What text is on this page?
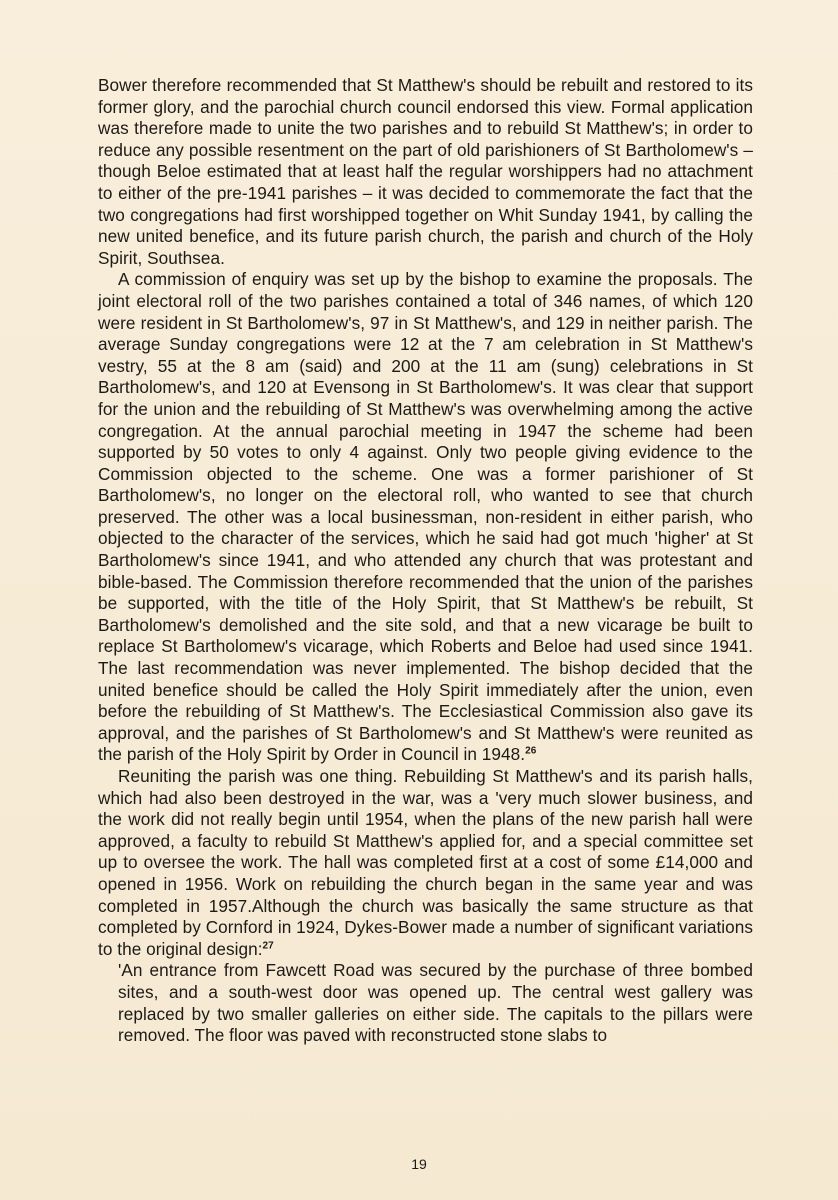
Bower therefore recommended that St Matthew's should be rebuilt and restored to its former glory, and the parochial church council endorsed this view. Formal application was therefore made to unite the two parishes and to rebuild St Matthew's; in order to reduce any possible resentment on the part of old parishioners of St Bartholomew's – though Beloe estimated that at least half the regular worshippers had no attachment to either of the pre-1941 parishes – it was decided to commemorate the fact that the two congregations had first worshipped together on Whit Sunday 1941, by calling the new united benefice, and its future parish church, the parish and church of the Holy Spirit, Southsea.

A commission of enquiry was set up by the bishop to examine the proposals. The joint electoral roll of the two parishes contained a total of 346 names, of which 120 were resident in St Bartholomew's, 97 in St Matthew's, and 129 in neither parish. The average Sunday congregations were 12 at the 7 am celebration in St Matthew's vestry, 55 at the 8 am (said) and 200 at the 11 am (sung) celebrations in St Bartholomew's, and 120 at Evensong in St Bartholomew's. It was clear that support for the union and the rebuilding of St Matthew's was overwhelming among the active congregation. At the annual parochial meeting in 1947 the scheme had been supported by 50 votes to only 4 against. Only two people giving evidence to the Commission objected to the scheme. One was a former parishioner of St Bartholomew's, no longer on the electoral roll, who wanted to see that church preserved. The other was a local businessman, non-resident in either parish, who objected to the character of the services, which he said had got much 'higher' at St Bartholomew's since 1941, and who attended any church that was protestant and bible-based. The Commission therefore recommended that the union of the parishes be supported, with the title of the Holy Spirit, that St Matthew's be rebuilt, St Bartholomew's demolished and the site sold, and that a new vicarage be built to replace St Bartholomew's vicarage, which Roberts and Beloe had used since 1941. The last recommendation was never implemented. The bishop decided that the united benefice should be called the Holy Spirit immediately after the union, even before the rebuilding of St Matthew's. The Ecclesiastical Commission also gave its approval, and the parishes of St Bartholomew's and St Matthew's were reunited as the parish of the Holy Spirit by Order in Council in 1948.26

Reuniting the parish was one thing. Rebuilding St Matthew's and its parish halls, which had also been destroyed in the war, was a 'very much slower business, and the work did not really begin until 1954, when the plans of the new parish hall were approved, a faculty to rebuild St Matthew's applied for, and a special committee set up to oversee the work. The hall was completed first at a cost of some £14,000 and opened in 1956. Work on rebuilding the church began in the same year and was completed in 1957.Although the church was basically the same structure as that completed by Cornford in 1924, Dykes-Bower made a number of significant variations to the original design:$^{27}$

'An entrance from Fawcett Road was secured by the purchase of three bombed sites, and a south-west door was opened up. The central west gallery was replaced by two smaller galleries on either side. The capitals to the pillars were removed. The floor was paved with reconstructed stone slabs to

19
